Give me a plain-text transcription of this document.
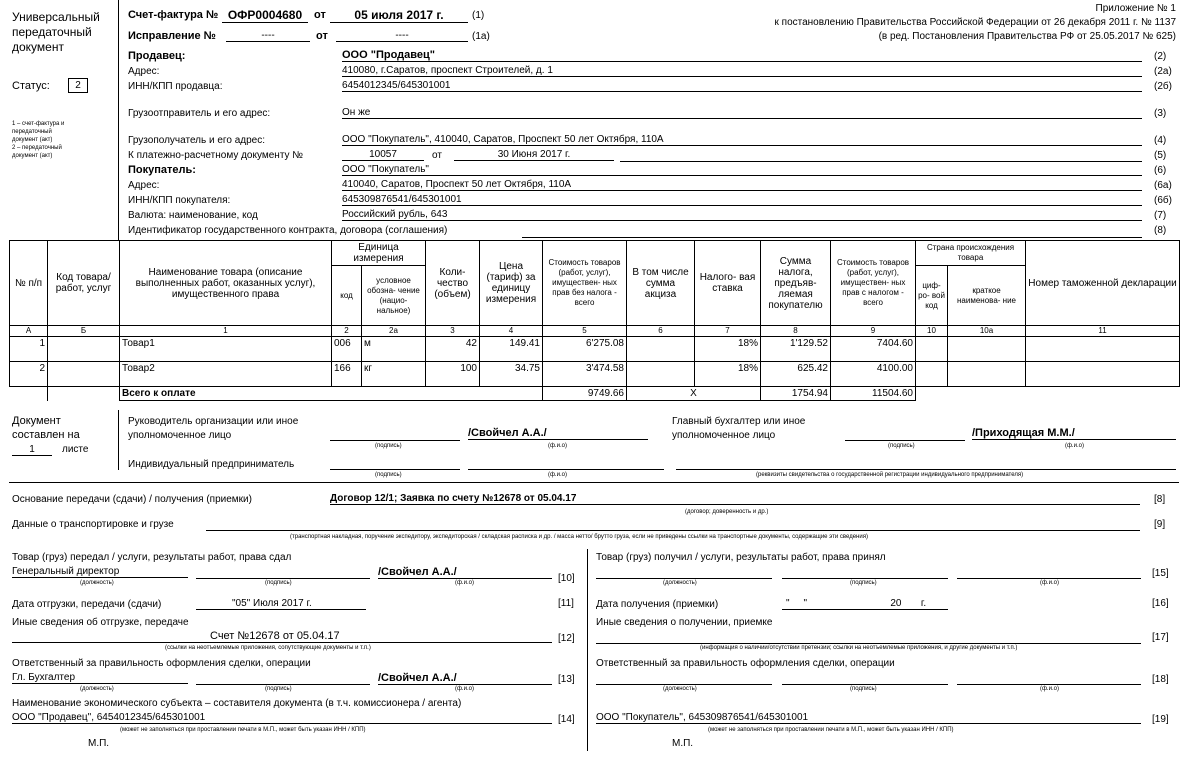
Универсальный
передаточный
документ
Статус:	2
1 – счет-фактура и
передаточный
документ (акт)
2 – передаточный
документ (акт)
Счет-фактура № ОФР0004680	от	05 июля 2017 г.	(1)
Исправление №	----	от	----	(1а)
Приложение № 1
к постановлению Правительства Российской Федерации от 26 декабря 2011 г. № 1137
(в ред. Постановления Правительства РФ от 25.05.2017 № 625)
Продавец:	ООО "Продавец"	(2)
Адрес:	410080, г.Саратов, проспект Строителей, д. 1	(2а)
ИНН/КПП продавца:	6454012345/645301001	(2б)
Грузоотправитель и его адрес:	Он же	(3)
Грузополучатель и его адрес:	ООО "Покупатель", 410040, Саратов, Проспект 50 лет Октября, 110А	(4)
К платежно-расчетному документу №	10057	от	30 Июня 2017 г.	(5)
Покупатель:	ООО "Покупатель"	(6)
Адрес:	410040, Саратов, Проспект 50 лет Октября, 110А	(6а)
ИНН/КПП покупателя:	645309876541/645301001	(6б)
Валюта: наименование, код	Российский рубль, 643	(7)
Идентификатор государственного контракта, договора (соглашения)	(8)
№ п/п	Код товара/ работ, услуг	Наименование товара (описание выполненных работ, оказанных услуг), имущественного права	Единица измерения		Коли- чество (объем)	Цена (тариф) за единицу измерения	Стоимость товаров (работ, услуг), имуществен- ных прав без налога - всего	В том числе сумма акциза	Налого- вая ставка	Сумма налога, предъяв- ляемая покупателю	Стоимость товаров (работ, услуг), имуществен- ных прав с налогом - всего	Страна происхождения товара		Номер таможенной декларации
			код	условное обозна- чение (нацио- нальное)								циф- ро- вой код	краткое наименова- ние	
А	Б	1	2	2а	3	4	5	6	7	8	9	10	10а	11
1		Товар1	006	м	42	149.41	6'275.08		18%	1'129.52	7404.60			
2		Товар2	166	кг	100	34.75	3'474.58		18%	625.42	4100.00			
		Всего к оплате					9749.66	X		1754.94	11504.60			
Документ
составлен на
1	листе
Руководитель организации или иное
уполномоченное лицо
(подпись)
/Свойчел А.А./
(ф.и.о)
Главный бухгалтер или иное
уполномоченное лицо
(подпись)
/Приходящая М.М./
(ф.и.о)
Индивидуальный предприниматель
(подпись)	(ф.и.о)	(реквизиты свидетельства о государственной регистрации индивидуального предпринимателя)
Основание передачи (сдачи) / получения (приемки)	Договор 12/1; Заявка по счету №12678 от 05.04.17
(договор; доверенность и др.)
[8]
Данные о транспортировке и грузе
(транспортная накладная, поручение экспедитору, экспедиторская / складская расписка и др. / масса нетто/ брутто груза, если не приведены ссылки на транспортные документы, содержащие эти сведения)
[9]
Товар (груз) передал / услуги, результаты работ, права сдал
Генеральный директор
(должность)	(подпись)
/Свойчел А.А./
(ф.и.о)	[10]
Дата отгрузки, передачи (сдачи)	"05" Июля 2017 г.	[11]
Иные сведения об отгрузке, передаче
Счет №12678 от 05.04.17
(ссылки на неотъемлемые приложения, сопутствующие документы и т.п.)
[12]
Ответственный за правильность оформления сделки, операции
Гл. Бухгалтер
(должность)	(подпись)
/Свойчел А.А./
(ф.и.о)
[13]
Наименование экономического субъекта – составителя документа (в т.ч. комиссионера / агента)
ООО "Продавец", 6454012345/645301001
(может не заполняться при проставлении печати в М.П., может быть указан ИНН / КПП)
[14]
М.П.
Товар (груз) получил / услуги, результаты работ, права принял
(должность)	(подпись)	(ф.и.о)
[15]
Дата получения (приемки)	"     "                              20       г.	[16]
Иные сведения о получении, приемке
(информация о наличии/отсутствии претензии; ссылки на неотъемлемые приложения, и другие документы и т.п.)
[17]
Ответственный за правильность оформления сделки, операции
(должность)	(подпись)	(ф.и.о)
[18]
ООО "Покупатель", 645309876541/645301001
(может не заполняться при проставлении печати в М.П., может быть указан ИНН / КПП)
[19]
М.П.
